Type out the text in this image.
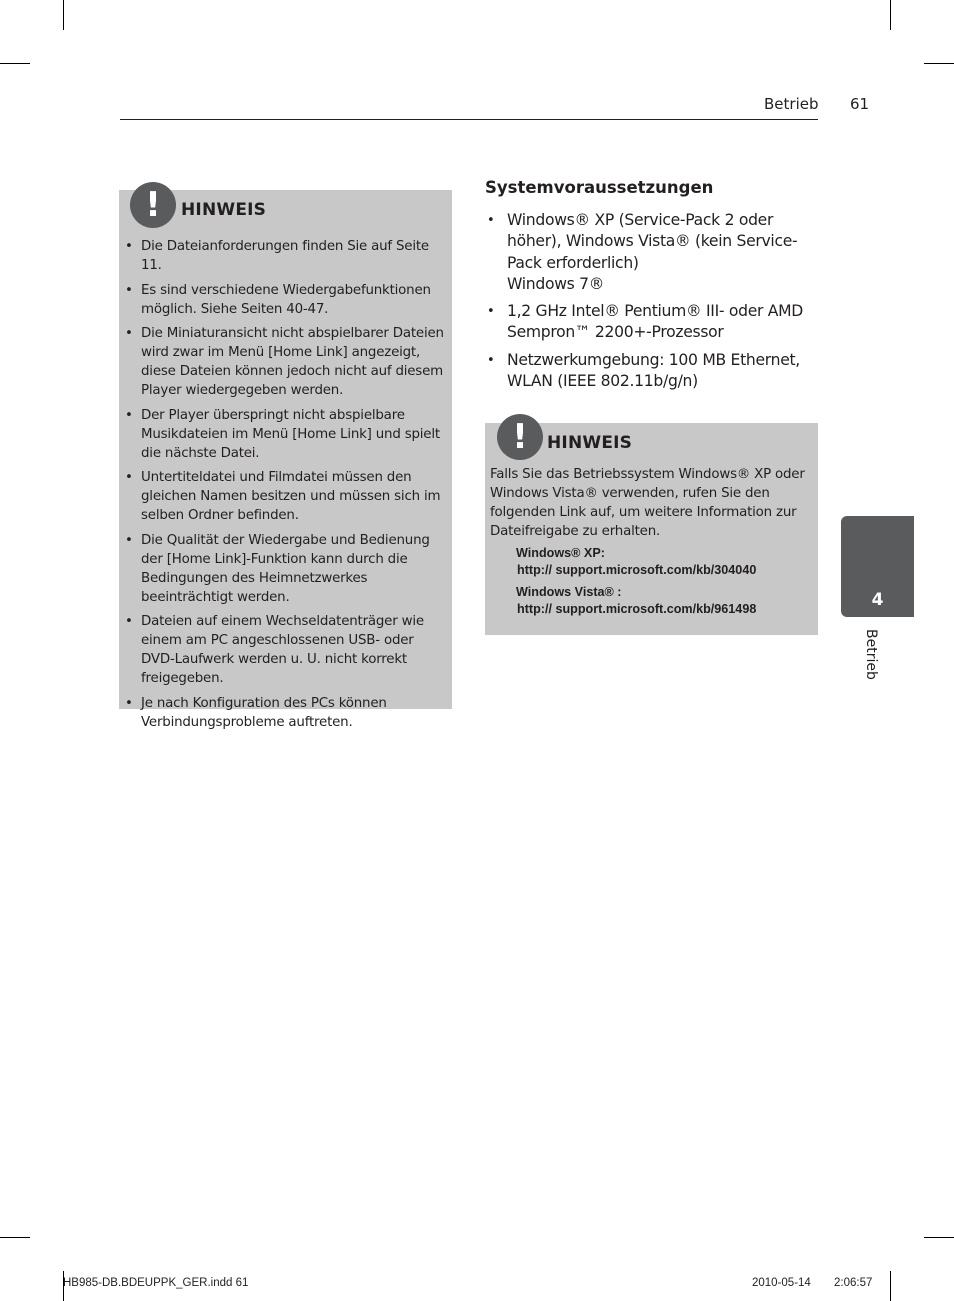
Betrieb 61
!	HINWEIS
• Die Dateianforderungen finden Sie auf Seite 11.
• Es sind verschiedene Wiedergabefunktionen möglich. Siehe Seiten 40-47.
• Die Miniaturansicht nicht abspielbarer Dateien wird zwar im Menü [Home Link] angezeigt, diese Dateien können jedoch nicht auf diesem Player wiedergegeben werden.
• Der Player überspringt nicht abspielbare Musikdateien im Menü [Home Link] und spielt die nächste Datei.
• Untertiteldatei und Filmdatei müssen den gleichen Namen besitzen und müssen sich im selben Ordner befinden.
• Die Qualität der Wiedergabe und Bedienung der [Home Link]-Funktion kann durch die Bedingungen des Heimnetzwerkes beeinträchtigt werden.
• Dateien auf einem Wechseldatenträger wie einem am PC angeschlossenen USB- oder DVD-Laufwerk werden u. U. nicht korrekt freigegeben.
• Je nach Konfiguration des PCs können Verbindungsprobleme auftreten.
Systemvoraussetzungen
• Windows® XP (Service-Pack 2 oder höher), Windows Vista® (kein Service-Pack erforderlich)
Windows 7®
• 1,2 GHz Intel® Pentium® III- oder AMD Sempron™ 2200+-Prozessor
• Netzwerkumgebung: 100 MB Ethernet, WLAN (IEEE 802.11b/g/n)
!	HINWEIS
Falls Sie das Betriebssystem Windows® XP oder Windows Vista® verwenden, rufen Sie den folgenden Link auf, um weitere Information zur Dateifreigabe zu erhalten.
Windows® XP:
http:// support.microsoft.com/kb/304040
Windows Vista® :
http:// support.microsoft.com/kb/961498	4
Betrieb
HB985-DB.BDEUPPK_GER.indd 61	2010-05-14 2:06:57
